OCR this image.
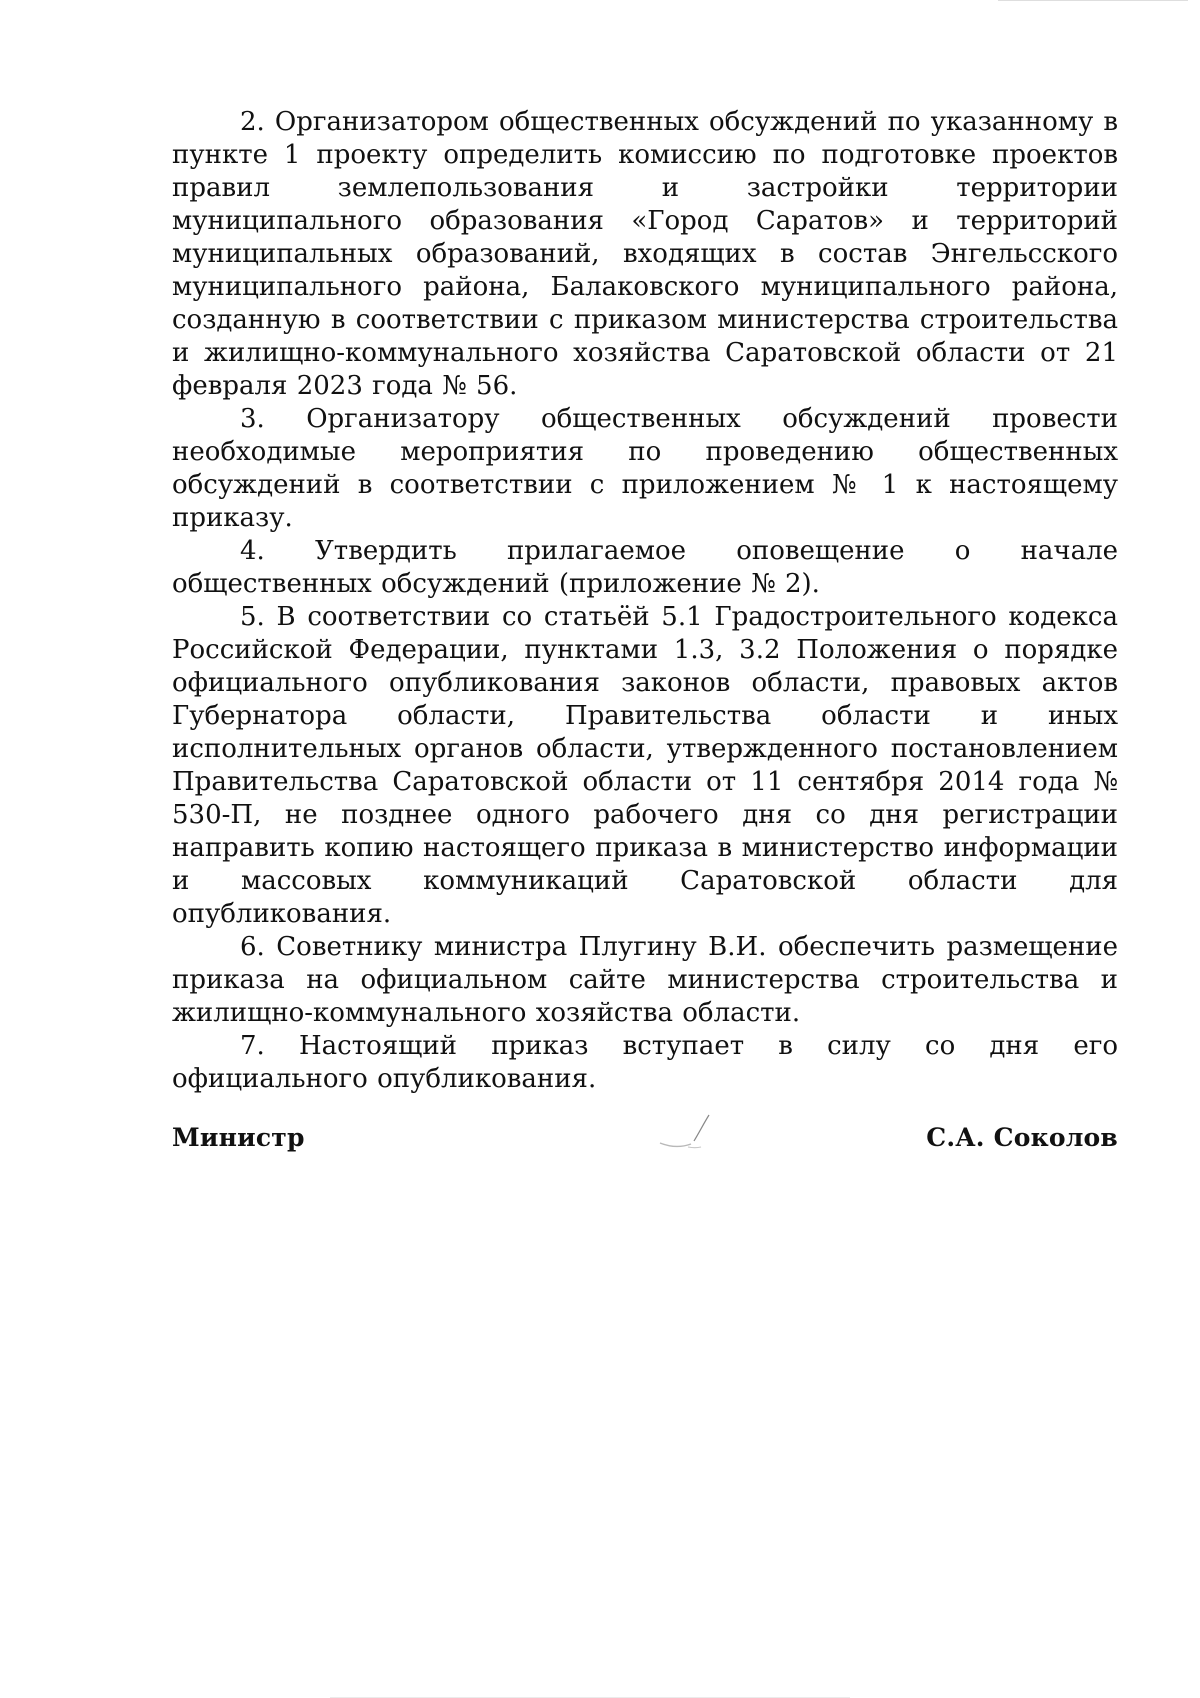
2. Организатором общественных обсуждений по указанному в пункте 1 проекту определить комиссию по подготовке проектов правил землепользования и застройки территории муниципального образования «Город Саратов» и территорий муниципальных образований, входящих в состав Энгельсского муниципального района, Балаковского муниципального района, созданную в соответствии с приказом министерства строительства и жилищно-коммунального хозяйства Саратовской области от 21 февраля 2023 года № 56.

3. Организатору общественных обсуждений провести необходимые мероприятия по проведению общественных обсуждений в соответствии с приложением № 1 к настоящему приказу.

4. Утвердить прилагаемое оповещение о начале общественных обсуждений (приложение № 2).

5. В соответствии со статьёй 5.1 Градостроительного кодекса Российской Федерации, пунктами 1.3, 3.2 Положения о порядке официального опубликования законов области, правовых актов Губернатора области, Правительства области и иных исполнительных органов области, утвержденного постановлением Правительства Саратовской области от 11 сентября 2014 года № 530-П, не позднее одного рабочего дня со дня регистрации направить копию настоящего приказа в министерство информации и массовых коммуникаций Саратовской области для опубликования.

6. Советнику министра Плугину В.И. обеспечить размещение приказа на официальном сайте министерства строительства и жилищно-коммунального хозяйства области.

7. Настоящий приказ вступает в силу со дня его официального опубликования.

Министр	С.А. Соколов
